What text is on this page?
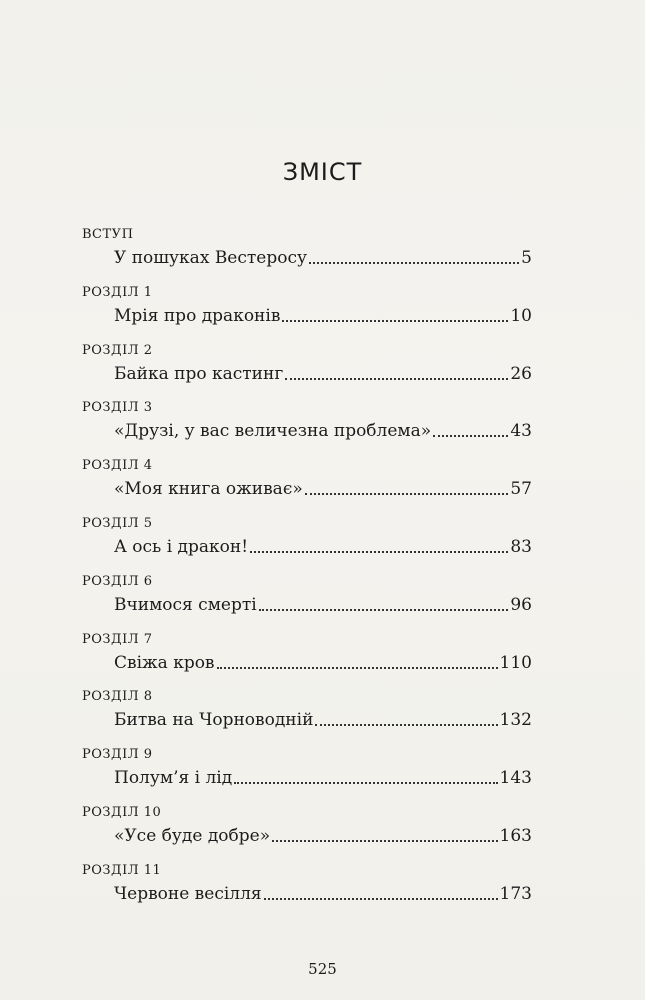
ЗМІСТ
ВСТУП
У пошуках Вестеросу	5
РОЗДІЛ 1
Мрія про драконів	10
РОЗДІЛ 2
Байка про кастинг	26
РОЗДІЛ 3
«Друзі, у вас величезна проблема»	43
РОЗДІЛ 4
«Моя книга оживає»	57
РОЗДІЛ 5
А ось і дракон!	83
РОЗДІЛ 6
Вчимося смерті	96
РОЗДІЛ 7
Свіжа кров	110
РОЗДІЛ 8
Битва на Чорноводній	132
РОЗДІЛ 9
Полум’я і лід	143
РОЗДІЛ 10
«Усе буде добре»	163
РОЗДІЛ 11
Червоне весілля	173
525
